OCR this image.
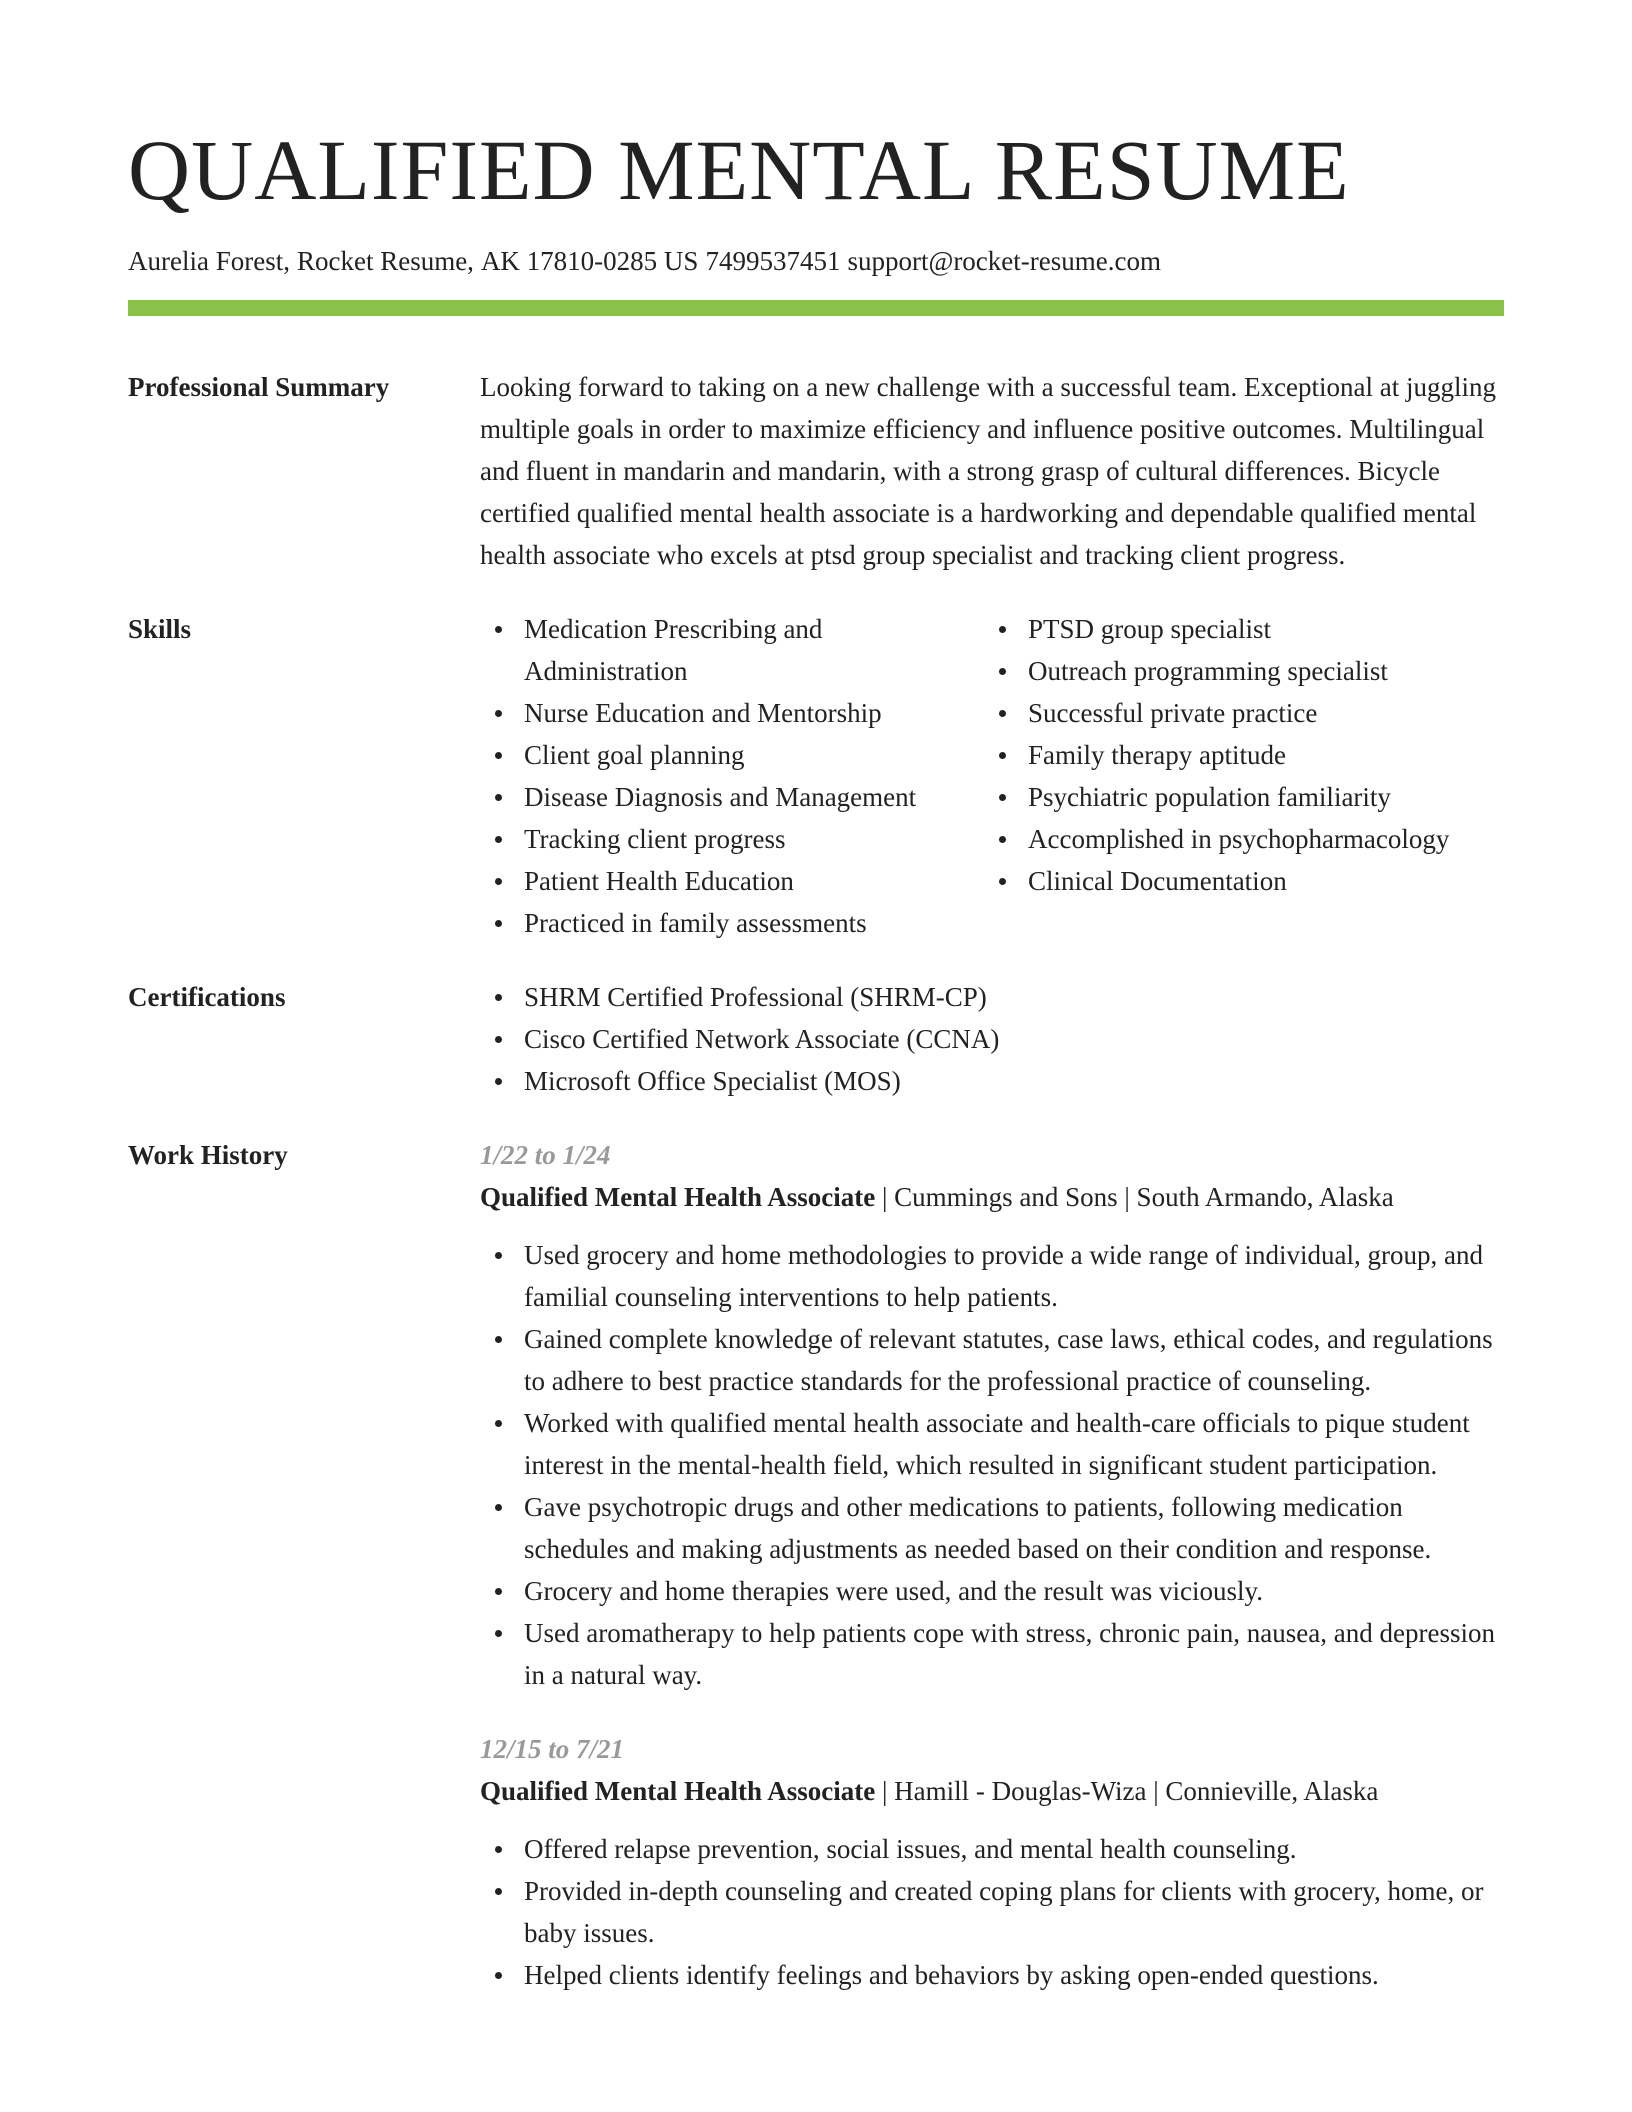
QUALIFIED MENTAL RESUME
Aurelia Forest, Rocket Resume, AK 17810-0285 US 7499537451 support@rocket-resume.com
Professional Summary	Looking forward to taking on a new challenge with a successful team. Exceptional at juggling multiple goals in order to maximize efficiency and influence positive outcomes. Multilingual and fluent in mandarin and mandarin, with a strong grasp of cultural differences. Bicycle certified qualified mental health associate is a hardworking and dependable qualified mental health associate who excels at ptsd group specialist and tracking client progress.

Skills	Medication Prescribing and Administration
Nurse Education and Mentorship
Client goal planning
Disease Diagnosis and Management
Tracking client progress
Patient Health Education
Practiced in family assessments
PTSD group specialist
Outreach programming specialist
Successful private practice
Family therapy aptitude
Psychiatric population familiarity
Accomplished in psychopharmacology
Clinical Documentation
Certifications	SHRM Certified Professional (SHRM-CP)
Cisco Certified Network Associate (CCNA)
Microsoft Office Specialist (MOS)
Work History	1/22 to 1/24
Qualified Mental Health Associate | Cummings and Sons | South Armando, Alaska
Used grocery and home methodologies to provide a wide range of individual, group, and familial counseling interventions to help patients.
Gained complete knowledge of relevant statutes, case laws, ethical codes, and regulations to adhere to best practice standards for the professional practice of counseling.
Worked with qualified mental health associate and health-care officials to pique student interest in the mental-health field, which resulted in significant student participation.
Gave psychotropic drugs and other medications to patients, following medication schedules and making adjustments as needed based on their condition and response.
Grocery and home therapies were used, and the result was viciously.
Used aromatherapy to help patients cope with stress, chronic pain, nausea, and depression in a natural way.
12/15 to 7/21
Qualified Mental Health Associate | Hamill - Douglas-Wiza | Connieville, Alaska
Offered relapse prevention, social issues, and mental health counseling.
Provided in-depth counseling and created coping plans for clients with grocery, home, or baby issues.
Helped clients identify feelings and behaviors by asking open-ended questions.
